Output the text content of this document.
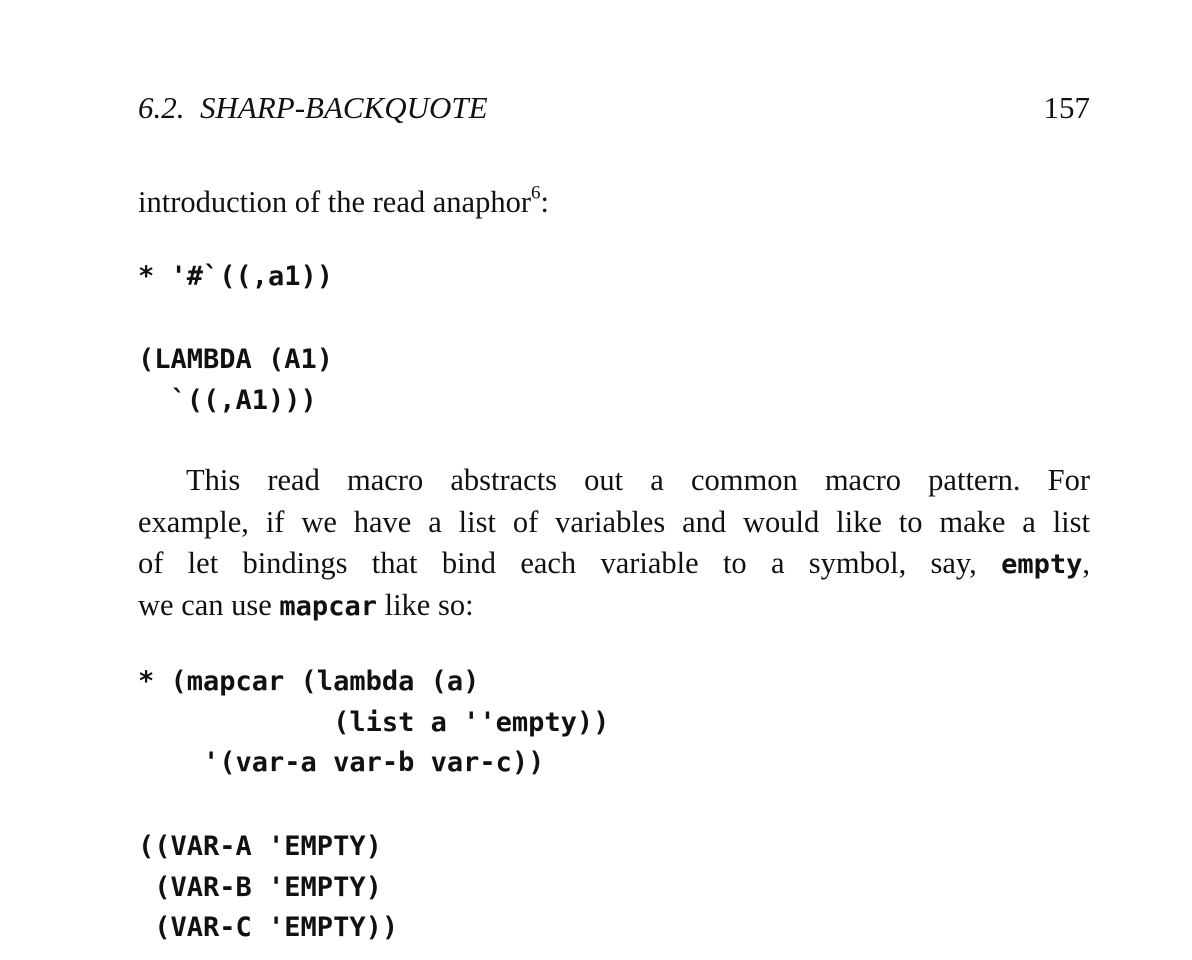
6.2.  SHARP-BACKQUOTE	157
introduction of the read anaphor$^6$:
* '#`((,a1))
(LAMBDA (A1)
`((,A1)))
This read macro abstracts out a common macro pattern. For
example, if we have a list of variables and would like to make a list
of let bindings that bind each variable to a symbol, say, empty,
we can use mapcar like so:
* (mapcar (lambda (a)
(list a ''empty))
'(var-a var-b var-c))
((VAR-A 'EMPTY)
(VAR-B 'EMPTY)
(VAR-C 'EMPTY))
